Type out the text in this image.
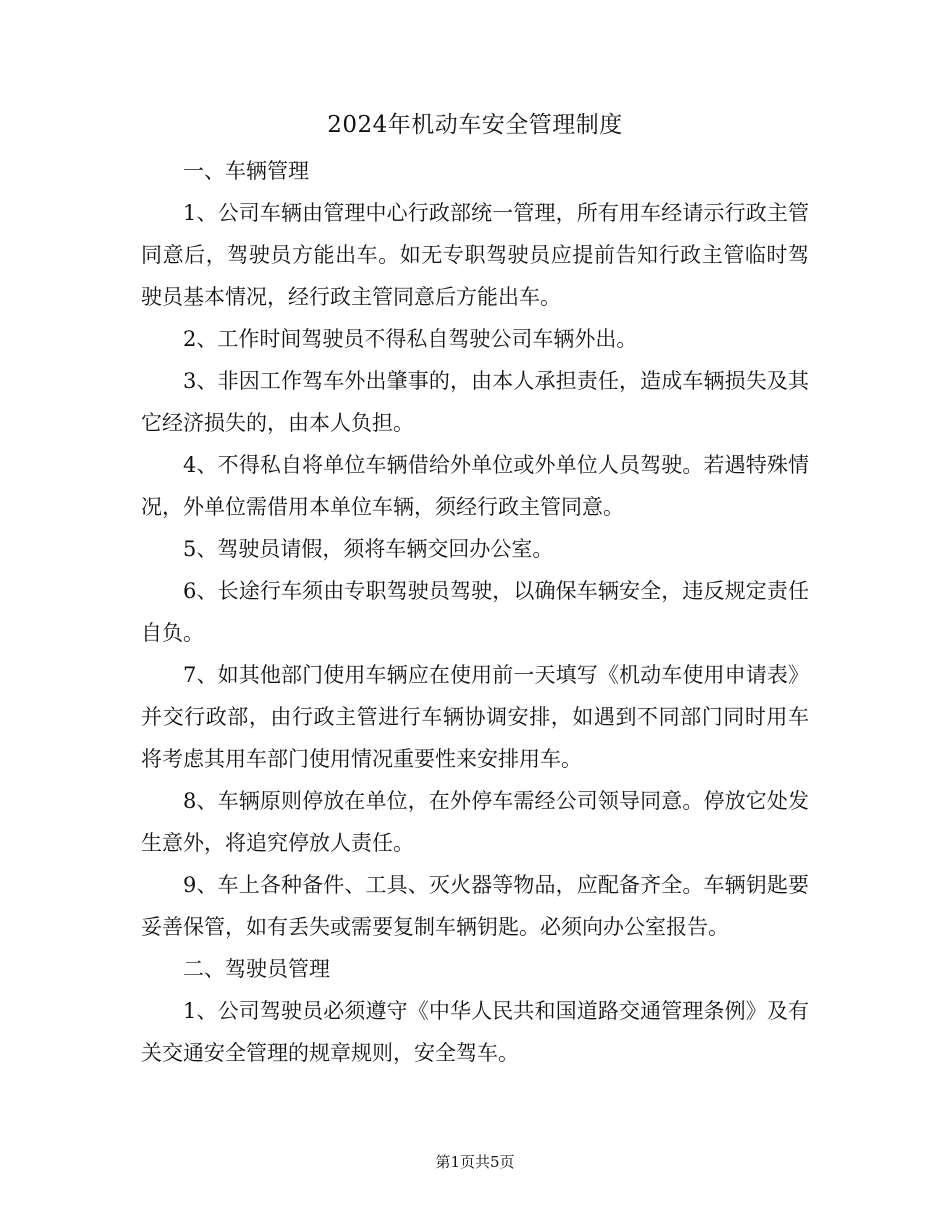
2024年机动车安全管理制度

一、车辆管理

1、公司车辆由管理中心行政部统一管理，所有用车经请示行政主管同意后，驾驶员方能出车。如无专职驾驶员应提前告知行政主管临时驾驶员基本情况，经行政主管同意后方能出车。

2、工作时间驾驶员不得私自驾驶公司车辆外出。

3、非因工作驾车外出肇事的，由本人承担责任，造成车辆损失及其它经济损失的，由本人负担。

4、不得私自将单位车辆借给外单位或外单位人员驾驶。若遇特殊情况，外单位需借用本单位车辆，须经行政主管同意。

5、驾驶员请假，须将车辆交回办公室。

6、长途行车须由专职驾驶员驾驶，以确保车辆安全，违反规定责任自负。

7、如其他部门使用车辆应在使用前一天填写《机动车使用申请表》并交行政部，由行政主管进行车辆协调安排，如遇到不同部门同时用车将考虑其用车部门使用情况重要性来安排用车。

8、车辆原则停放在单位，在外停车需经公司领导同意。停放它处发生意外，将追究停放人责任。

9、车上各种备件、工具、灭火器等物品，应配备齐全。车辆钥匙要妥善保管，如有丢失或需要复制车辆钥匙。必须向办公室报告。

二、驾驶员管理

1、公司驾驶员必须遵守《中华人民共和国道路交通管理条例》及有关交通安全管理的规章规则，安全驾车。

第1页共5页
